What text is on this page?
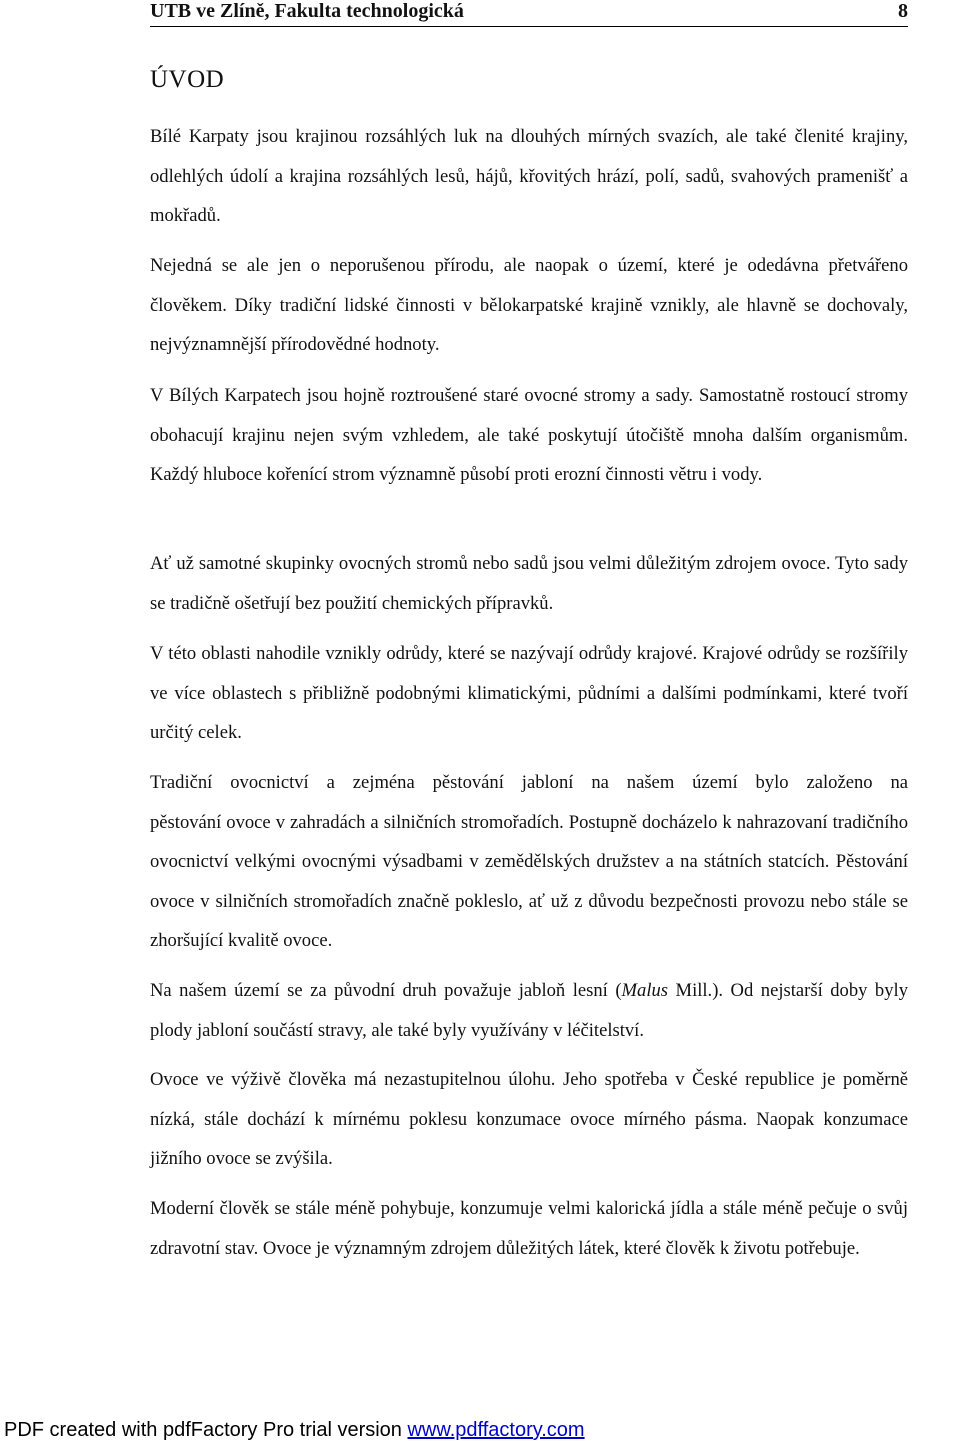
UTB ve Zlíně, Fakulta technologická	8
ÚVOD

Bílé Karpaty jsou krajinou rozsáhlých luk na dlouhých mírných svazích, ale také členité krajiny, odlehlých údolí a krajina rozsáhlých lesů, hájů, křovitých hrází, polí, sadů, svahových pramenišť a mokřadů.

Nejedná se ale jen o neporušenou přírodu, ale naopak o území, které je odedávna přetvářeno člověkem. Díky tradiční lidské činnosti v bělokarpatské krajině vznikly, ale hlavně se dochovaly, nejvýznamnější přírodovědné hodnoty.

V Bílých Karpatech jsou hojně roztroušené staré ovocné stromy a sady. Samostatně rostoucí stromy obohacují krajinu nejen svým vzhledem, ale také poskytují útočiště mnoha dalším organismům. Každý hluboce kořenící strom významně působí proti erozní činnosti větru i vody.

Ať už samotné skupinky ovocných stromů nebo sadů jsou velmi důležitým zdrojem ovoce. Tyto sady se tradičně ošetřují bez použití chemických přípravků.

V této oblasti nahodile vznikly odrůdy, které se nazývají odrůdy krajové. Krajové odrůdy se rozšířily ve více oblastech s přibližně podobnými klimatickými, půdními a dalšími podmínkami, které tvoří určitý celek.

Tradiční ovocnictví a zejména pěstování jabloní na našem území bylo založeno na
pěstování ovoce v zahradách a silničních stromořadích. Postupně docházelo k nahrazovaní tradičního ovocnictví velkými ovocnými výsadbami v zemědělských družstev a na státních statcích. Pěstování ovoce v silničních stromořadích značně pokleslo, ať už z důvodu bezpečnosti provozu nebo stále se zhoršující kvalitě ovoce.

Na našem území se za původní druh považuje jabloň lesní (Malus Mill.). Od nejstarší doby byly plody jabloní součástí stravy, ale také byly využívány v léčitelství.

Ovoce ve výživě člověka má nezastupitelnou úlohu. Jeho spotřeba v České republice je poměrně nízká, stále dochází k mírnému poklesu konzumace ovoce mírného pásma. Naopak konzumace jižního ovoce se zvýšila.

Moderní člověk se stále méně pohybuje, konzumuje velmi kalorická jídla a stále méně pečuje o svůj zdravotní stav. Ovoce je významným zdrojem důležitých látek, které člověk k životu potřebuje.

PDF created with pdfFactory Pro trial version www.pdffactory.com
